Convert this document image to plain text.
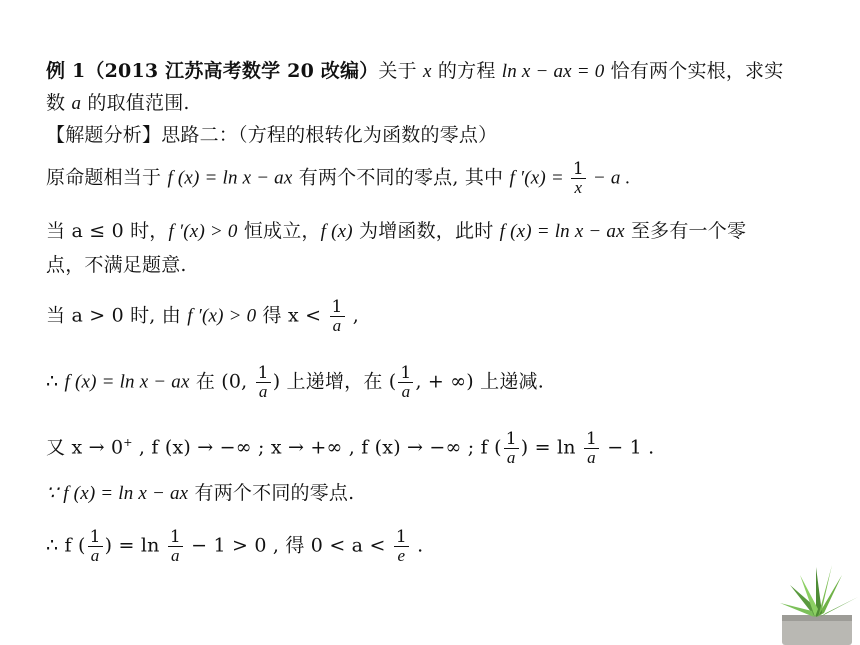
例 1（2013 江苏高考数学 20 改编）关于 x 的方程 ln x − ax = 0 恰有两个实根，求实
数 a 的取值范围.
【解题分析】思路二：（方程的根转化为函数的零点）
原命题相当于 f (x) = ln x − ax 有两个不同的零点, 其中 f $'(x) = \frac{1}{x} - a$ .
当 a ≤ 0 时，f ′(x) > 0 恒成立，f (x) 为增函数，此时 f (x) = ln x − ax 至多有一个零
点，不满足题意.
当 a > 0 时, 由 f ′(x) > 0 得 $x < \frac{1}{a}$ ,
∴ f (x) = ln x − ax 在 (0, $\frac{1}{a}$ ) 上递增，在 ( $\frac{1}{a}$ , + ∞) 上递减.
又 x → 0+ , f (x) → −∞ ; x → +∞ , f (x) → −∞ ; f ( $\frac{1}{a}$ ) = $\ln \frac{1}{a} - 1$ .
∵ f (x) = ln x − ax 有两个不同的零点.
∴ f ( $\frac{1}{a}$ ) = $\ln \frac{1}{a} - 1 > 0$ , 得 $0 < a < \frac{1}{e}$ .
